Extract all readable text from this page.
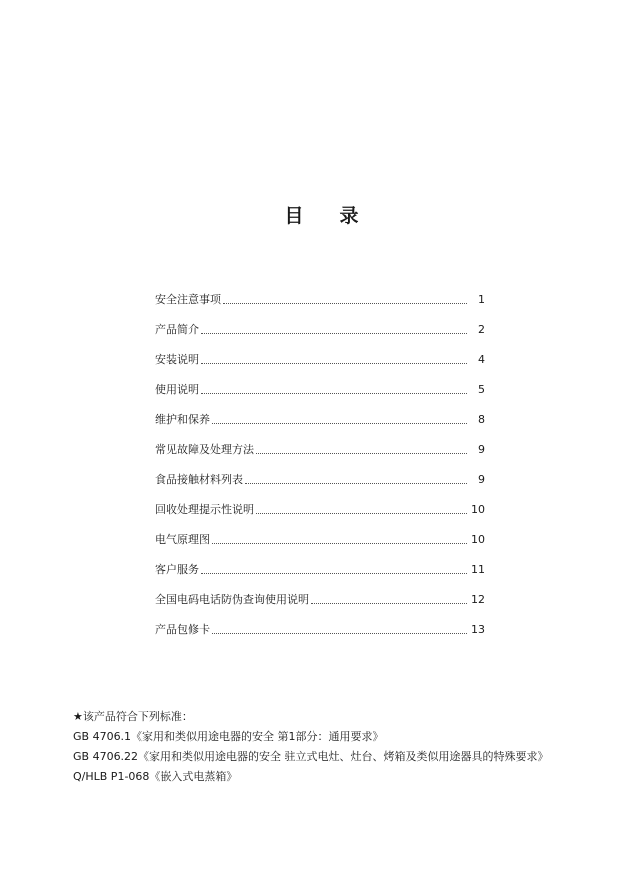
目 录
安全注意事项	1
产品简介	2
安装说明	4
使用说明	5
维护和保养	8
常见故障及处理方法	9
食品接触材料列表	9
回收处理提示性说明	10
电气原理图	10
客户服务	11
全国电码电话防伪查询使用说明	12
产品包修卡	13
★该产品符合下列标准：
GB 4706.1《家用和类似用途电器的安全 第1部分：通用要求》
GB 4706.22《家用和类似用途电器的安全 驻立式电灶、灶台、烤箱及类似用途器具的特殊要求》
Q/HLB P1-068《嵌入式电蒸箱》
